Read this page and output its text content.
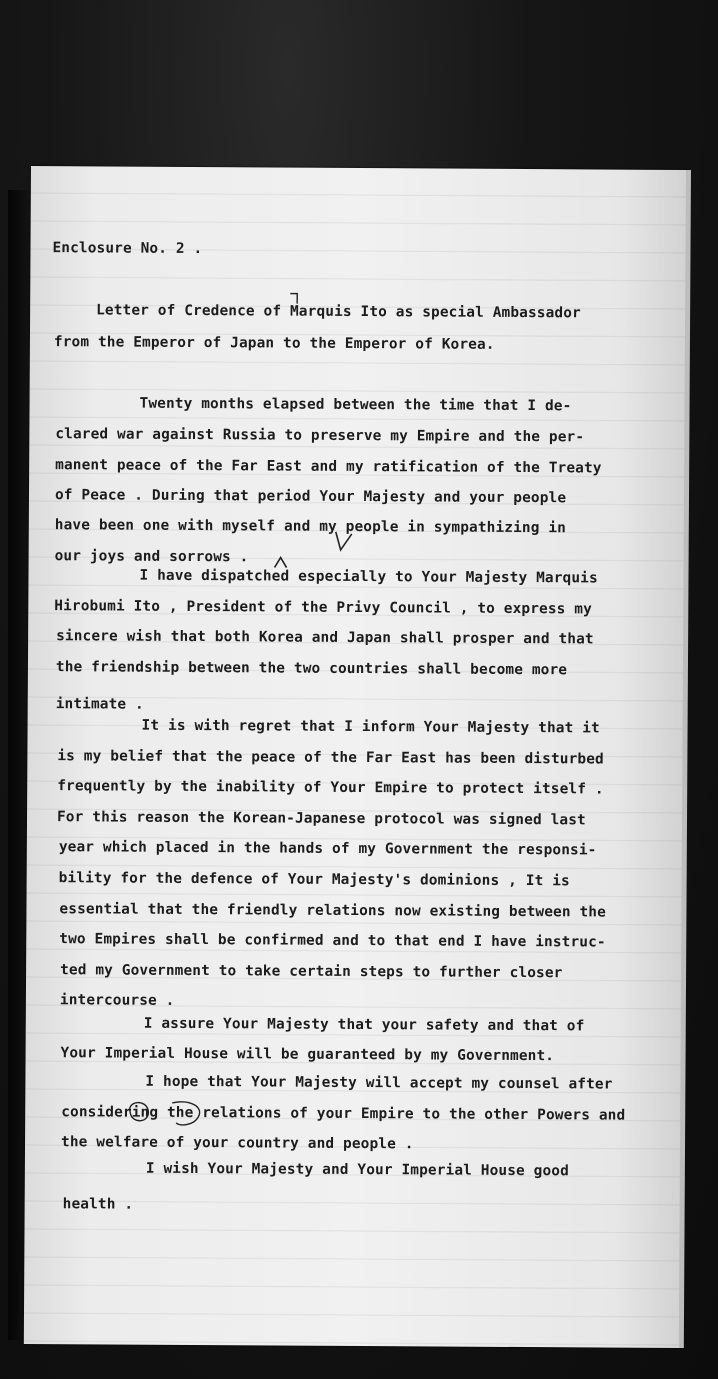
Enclosure No. 2 .

Letter of Credence of Marquis Ito as special Ambassador

from the Emperor of Japan to the Emperor of Korea.

Twenty months elapsed between the time that I de-

clared war against Russia to preserve my Empire and the per-

manent peace of the Far East and my ratification of the Treaty

of Peace . During that period Your Majesty and your people

have been one with myself and my people in sympathizing in

our joys and sorrows .

I have dispatched especially to Your Majesty Marquis

Hirobumi Ito , President of the Privy Council , to express my

sincere wish that both Korea and Japan shall prosper and that

the friendship between the two countries shall become more

intimate .

It is with regret that I inform Your Majesty that it

is my belief that the peace of the Far East has been disturbed

frequently by the inability of Your Empire to protect itself .

For this reason the Korean-Japanese protocol was signed last

year which placed in the hands of my Government the responsi-

bility for the defence of Your Majesty's dominions , It is

essential that the friendly relations now existing between the

two Empires shall be confirmed and to that end I have instruc-

ted my Government to take certain steps to further closer

intercourse .

I assure Your Majesty that your safety and that of

Your Imperial House will be guaranteed by my Government.

I hope that Your Majesty will accept my counsel after

considering the relations of your Empire to the other Powers and

the welfare of your country and people .

I wish Your Majesty and Your Imperial House good

health .
